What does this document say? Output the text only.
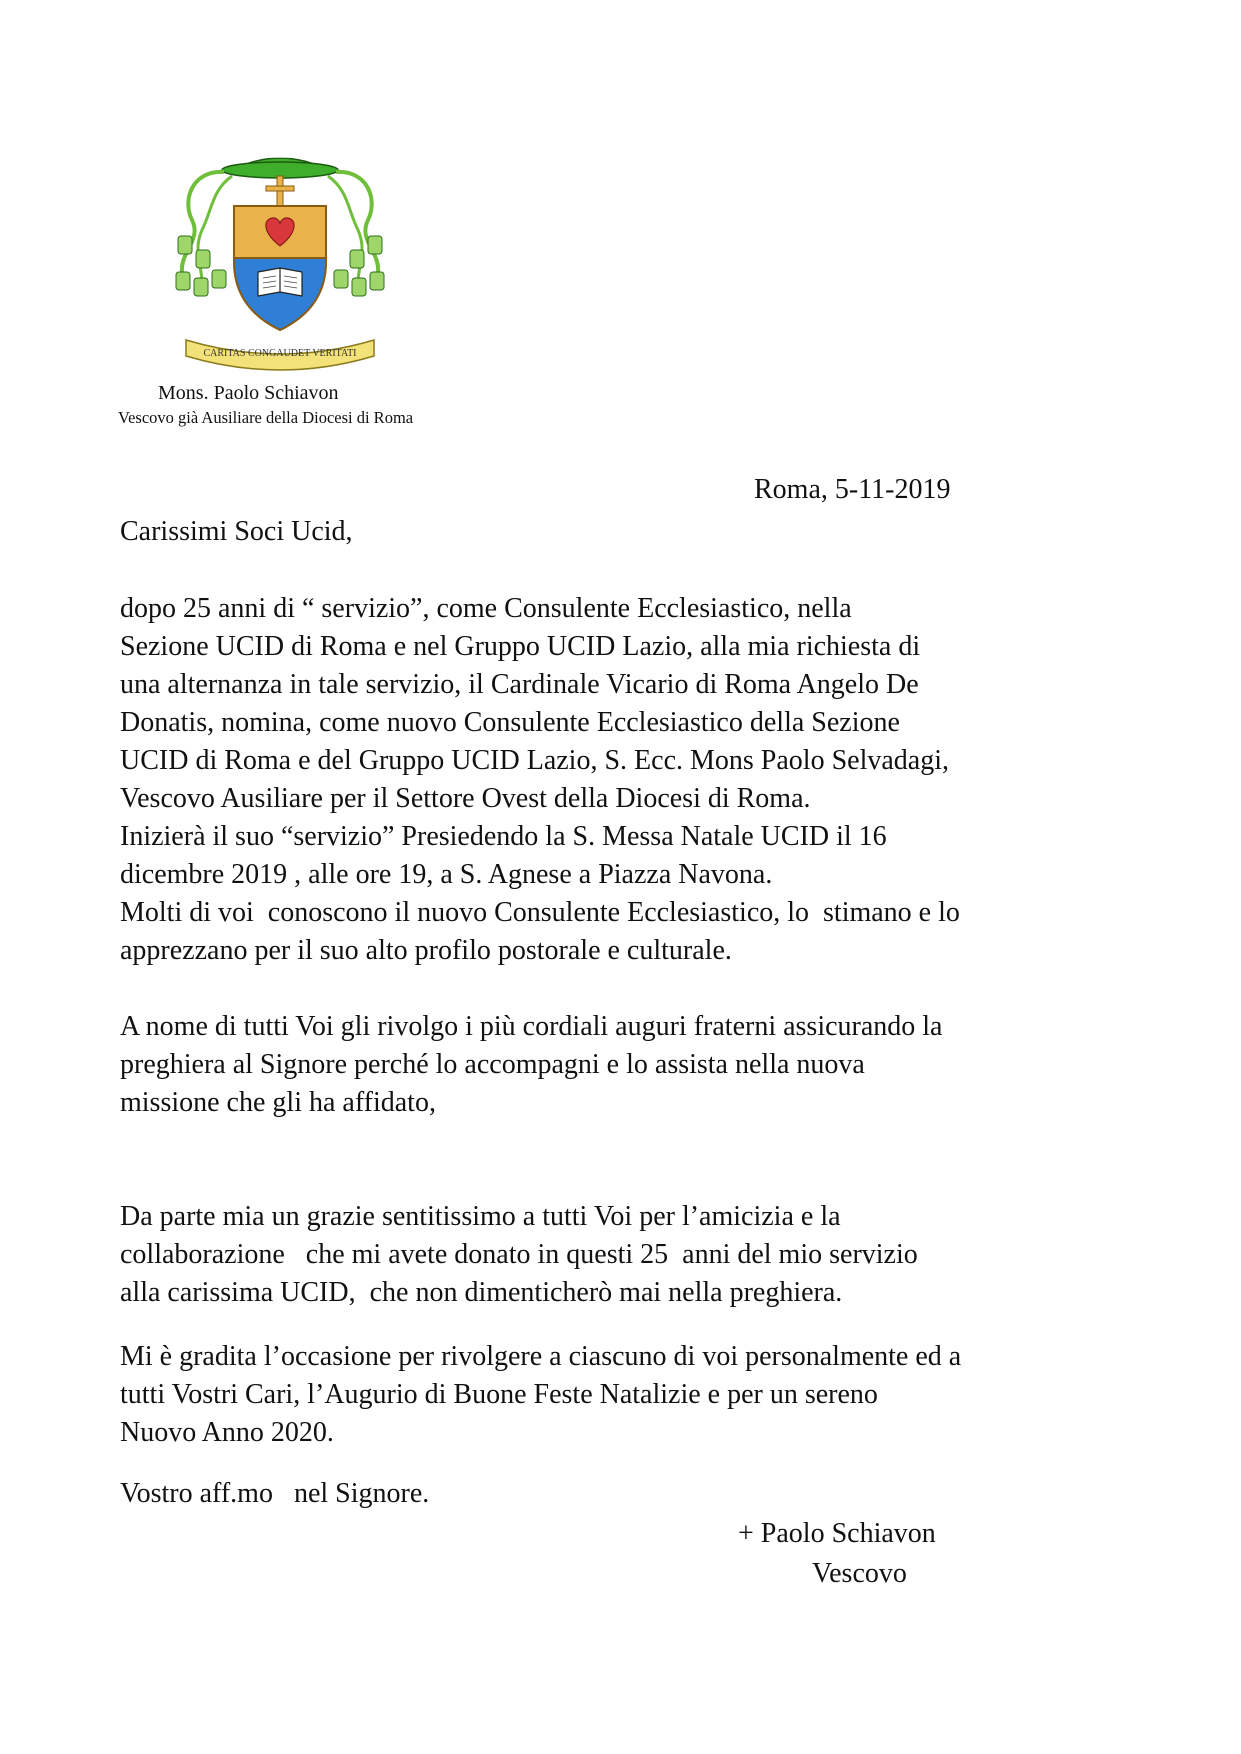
CARITAS CONGAUDET VERITATI
Mons. Paolo Schiavon
Vescovo già Ausiliare della Diocesi di Roma
Roma, 5-11-2019
Carissimi Soci Ucid,
dopo 25 anni di “ servizio”, come Consulente Ecclesiastico, nella
Sezione UCID di Roma e nel Gruppo UCID Lazio, alla mia richiesta di
una alternanza in tale servizio, il Cardinale Vicario di Roma Angelo De
Donatis, nomina, come nuovo Consulente Ecclesiastico della Sezione
UCID di Roma e del Gruppo UCID Lazio, S. Ecc. Mons Paolo Selvadagi,
Vescovo Ausiliare per il Settore Ovest della Diocesi di Roma.
Inizierà il suo “servizio” Presiedendo la S. Messa Natale UCID il 16
dicembre 2019 , alle ore 19, a S. Agnese a Piazza Navona.
Molti di voi  conoscono il nuovo Consulente Ecclesiastico, lo  stimano e lo
apprezzano per il suo alto profilo postorale e culturale.
A nome di tutti Voi gli rivolgo i più cordiali auguri fraterni assicurando la
preghiera al Signore perché lo accompagni e lo assista nella nuova
missione che gli ha affidato,
Da parte mia un grazie sentitissimo a tutti Voi per l’amicizia e la
collaborazione   che mi avete donato in questi 25  anni del mio servizio
alla carissima UCID,  che non dimenticherò mai nella preghiera.
Mi è gradita l’occasione per rivolgere a ciascuno di voi personalmente ed a
tutti Vostri Cari, l’Augurio di Buone Feste Natalizie e per un sereno
Nuovo Anno 2020.
Vostro aff.mo   nel Signore.
+ Paolo Schiavon
Vescovo
